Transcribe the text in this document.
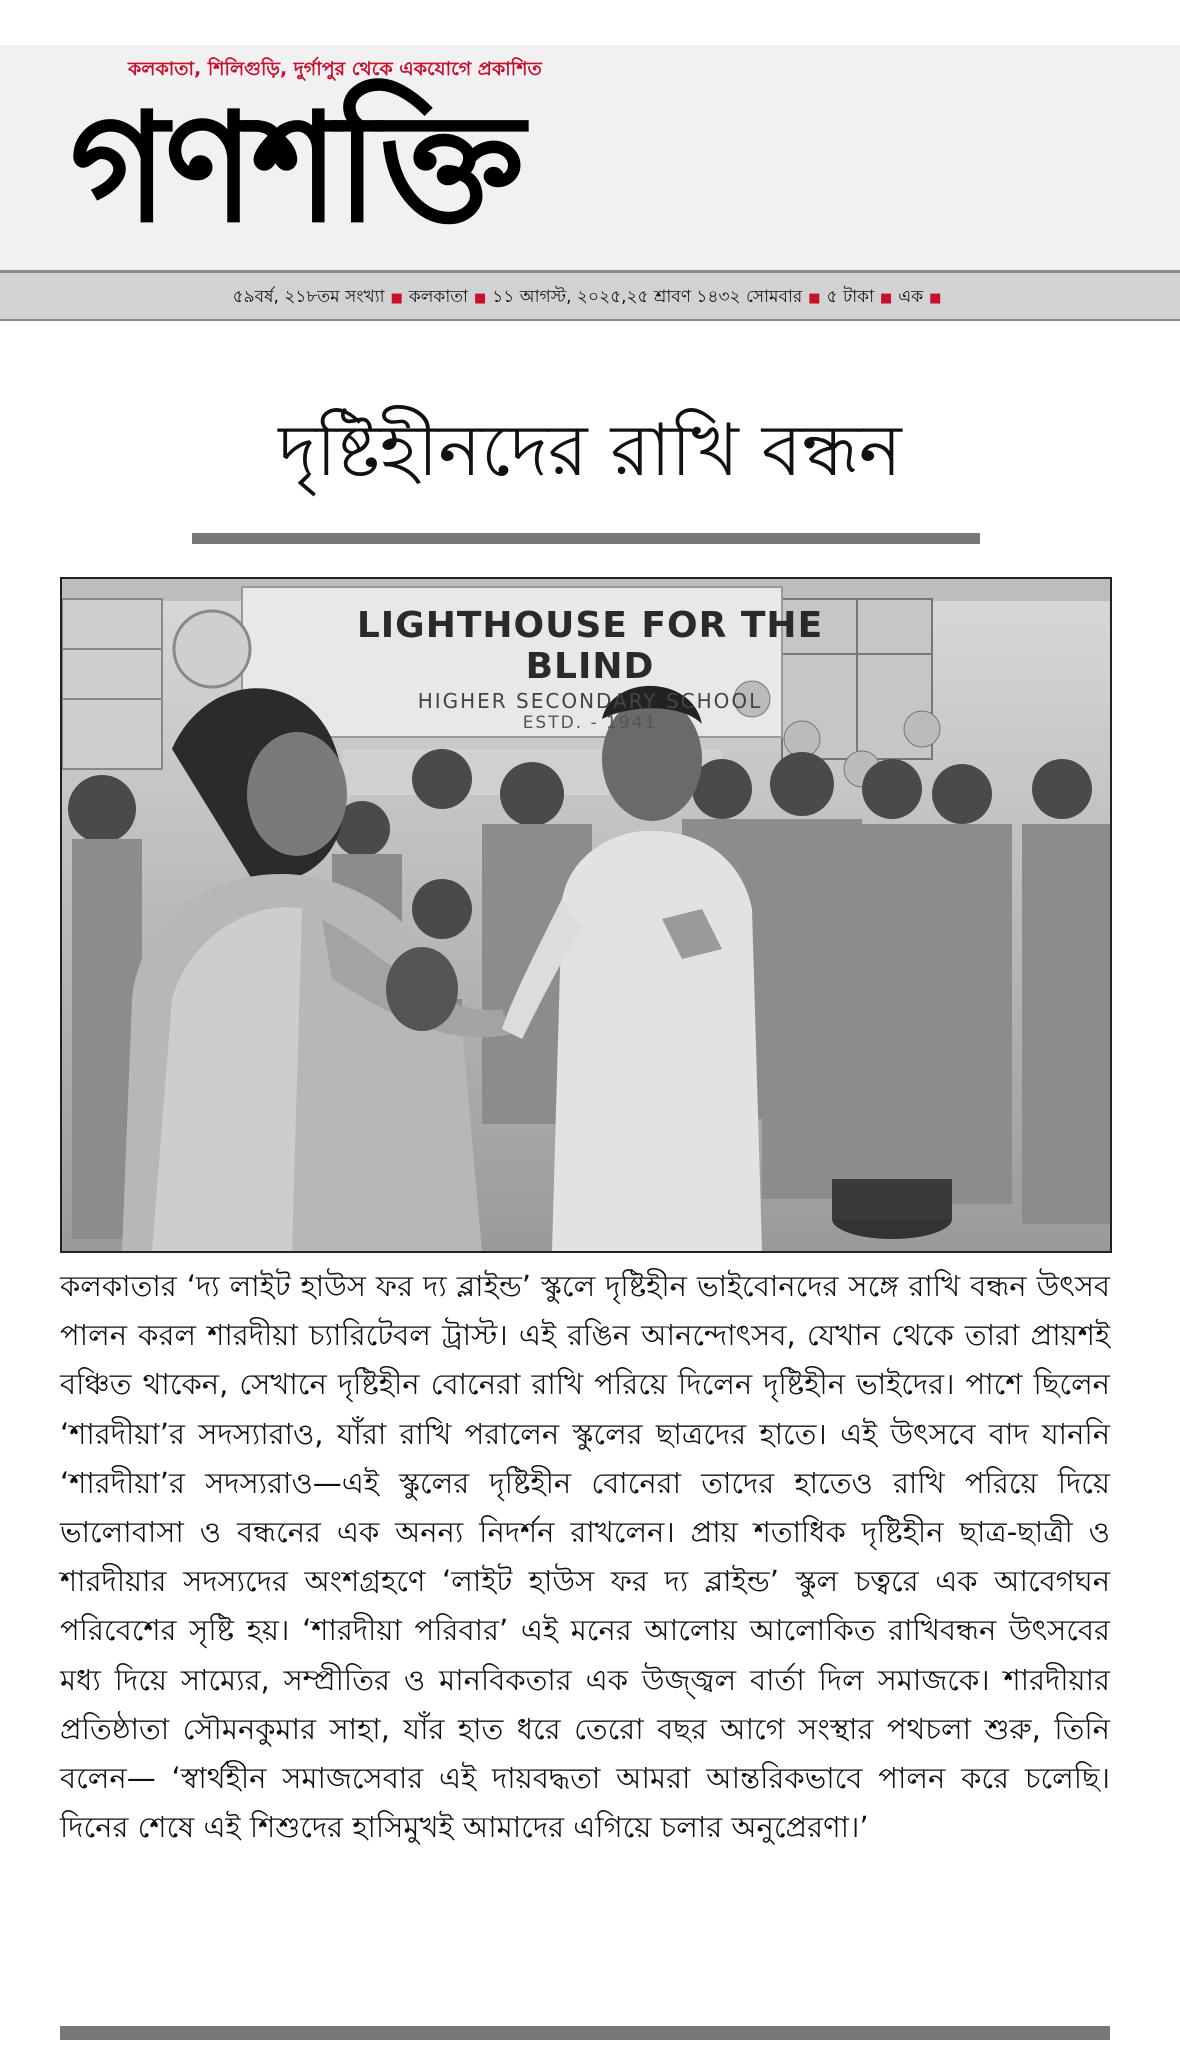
কলকাতা, শিলিগুড়ি, দুর্গাপুর থেকে একযোগে প্রকাশিত
গণশক্তি
৫৯বর্ষ, ২১৮তম সংখ্যা ■ কলকাতা ■ ১১ আগস্ট, ২০২৫,২৫ শ্রাবণ ১৪৩২ সোমবার ■ ৫ টাকা ■ এক ■
দৃষ্টিহীনদের রাখি বন্ধন
LIGHTHOUSE FOR THE BLIND
HIGHER SECONDARY SCHOOL
ESTD. - 1941
কলকাতার ‘দ্য লাইট হাউস ফর দ্য ব্লাইন্ড’ স্কুলে দৃষ্টিহীন ভাইবোনদের সঙ্গে রাখি বন্ধন উৎসব পালন করল শারদীয়া চ্যারিটেবল ট্রাস্ট। এই রঙিন আনন্দোৎসব, যেখান থেকে তারা প্রায়শই বঞ্চিত থাকেন, সেখানে দৃষ্টিহীন বোনেরা রাখি পরিয়ে দিলেন দৃষ্টিহীন ভাইদের। পাশে ছিলেন ‘শারদীয়া’র সদস্যারাও, যাঁরা রাখি পরালেন স্কুলের ছাত্রদের হাতে। এই উৎসবে বাদ যাননি ‘শারদীয়া’র সদস্যরাও—এই স্কুলের দৃষ্টিহীন বোনেরা তাদের হাতেও রাখি পরিয়ে দিয়ে ভালোবাসা ও বন্ধনের এক অনন্য নিদর্শন রাখলেন। প্রায় শতাধিক দৃষ্টিহীন ছাত্র-ছাত্রী ও শারদীয়ার সদস্যদের অংশগ্রহণে ‘লাইট হাউস ফর দ্য ব্লাইন্ড’ স্কুল চত্বরে এক আবেগঘন পরিবেশের সৃষ্টি হয়। ‘শারদীয়া পরিবার’ এই মনের আলোয় আলোকিত রাখিবন্ধন উৎসবের মধ্য দিয়ে সাম্যের, সম্প্রীতির ও মানবিকতার এক উজ্জ্বল বার্তা দিল সমাজকে। শারদীয়ার প্রতিষ্ঠাতা সৌমনকুমার সাহা, যাঁর হাত ধরে তেরো বছর আগে সংস্থার পথচলা শুরু, তিনি বলেন— ‘স্বার্থহীন সমাজসেবার এই দায়বদ্ধতা আমরা আন্তরিকভাবে পালন করে চলেছি। দিনের শেষে এই শিশুদের হাসিমুখই আমাদের এগিয়ে চলার অনুপ্রেরণা।’
